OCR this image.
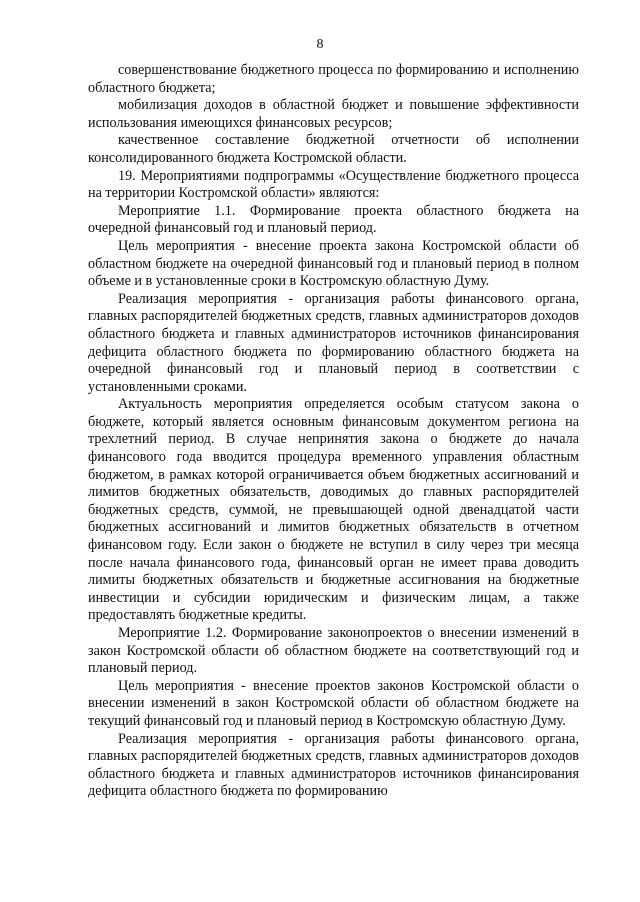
8

совершенствование бюджетного процесса по формированию и исполнению областного бюджета;

мобилизация доходов в областной бюджет и повышение эффективности использования имеющихся финансовых ресурсов;

качественное составление бюджетной отчетности об исполнении консолидированного бюджета Костромской области.

19. Мероприятиями подпрограммы «Осуществление бюджетного процесса на территории Костромской области» являются:

Мероприятие 1.1. Формирование проекта областного бюджета на очередной финансовый год и плановый период.

Цель мероприятия - внесение проекта закона Костромской области об областном бюджете на очередной финансовый год и плановый период в полном объеме и в установленные сроки в Костромскую областную Думу.

Реализация мероприятия - организация работы финансового органа, главных распорядителей бюджетных средств, главных администраторов доходов областного бюджета и главных администраторов источников финансирования дефицита областного бюджета по формированию областного бюджета на очередной финансовый год и плановый период в соответствии с установленными сроками.

Актуальность мероприятия определяется особым статусом закона о бюджете, который является основным финансовым документом региона на трехлетний период. В случае непринятия закона о бюджете до начала финансового года вводится процедура временного управления областным бюджетом, в рамках которой ограничивается объем бюджетных ассигнований и лимитов бюджетных обязательств, доводимых до главных распорядителей бюджетных средств, суммой, не превышающей одной двенадцатой части бюджетных ассигнований и лимитов бюджетных обязательств в отчетном финансовом году. Если закон о бюджете не вступил в силу через три месяца после начала финансового года, финансовый орган не имеет права доводить лимиты бюджетных обязательств и бюджетные ассигнования на бюджетные инвестиции и субсидии юридическим и физическим лицам, а также предоставлять бюджетные кредиты.

Мероприятие 1.2. Формирование законопроектов о внесении изменений в закон Костромской области об областном бюджете на соответствующий год и плановый период.

Цель мероприятия - внесение проектов законов Костромской области о внесении изменений в закон Костромской области об областном бюджете на текущий финансовый год и плановый период в Костромскую областную Думу.

Реализация мероприятия - организация работы финансового органа, главных распорядителей бюджетных средств, главных администраторов доходов областного бюджета и главных администраторов источников финансирования дефицита областного бюджета по формированию
